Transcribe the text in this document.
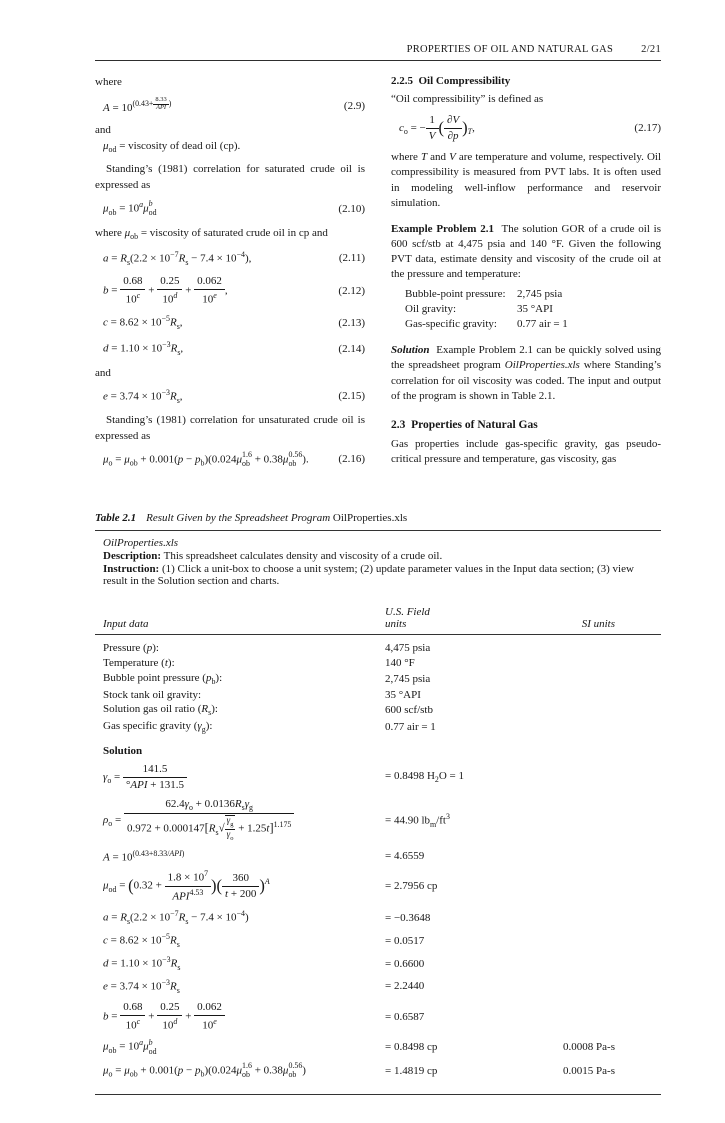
PROPERTIES OF OIL AND NATURAL GAS	2/21

where

$A = 10^{(0.43+ 8.33 API )}$	(2.9)

and

$\mu_{od}$ = viscosity of dead oil (cp).

Standing’s (1981) correlation for saturated crude oil is expressed as

$\mu_{ob} = 10^a\mu$ b
od	(2.10)

where $\mu_{ob}$ = viscosity of saturated crude oil in cp and

$a = R_s(2.2 \times 10^{-7}R_s - 7.4 \times 10^{-4})$,	(2.11)
$b = \frac{0.68}{10^c} + \frac{0.25}{10^d} + \frac{0.062}{10^e}$ ,	(2.12)
$c = 8.62 \times 10^{-5}R_s$,	(2.13)
$d = 1.10 \times 10^{-3}R_s$,	(2.14)

and

$e = 3.74 \times 10^{-3}R_s$,	(2.15)

Standing’s (1981) correlation for unsaturated crude oil is expressed as

$\mu_o = \mu_{ob} + 0.001(p - p_b)(0.024\mu$ 1.6
ob + 0.38μ 0.56
ob ).	(2.16)
2.2.5  Oil Compressibility

“Oil compressibility” is defined as

$c_o$ = − $\frac{1}{V}$ ( $\frac{\partial V}{\partial p} )_T$,	(2.17)

where T and V are temperature and volume, respectively. Oil compressibility is measured from PVT labs. It is often used in modeling well-inflow performance and reservoir simulation.

Example Problem 2.1 The solution GOR of a crude oil is 600 scf/stb at 4,475 psia and 140 °F. Given the following PVT data, estimate density and viscosity of the crude oil at the pressure and temperature:

Bubble-point pressure:	2,745 psia
Oil gravity:	35 °API
Gas-specific gravity:	0.77 air = 1

Solution Example Problem 2.1 can be quickly solved using the spreadsheet program OilProperties.xls where Standing’s correlation for oil viscosity was coded. The input and output of the program is shown in Table 2.1.

2.3  Properties of Natural Gas

Gas properties include gas-specific gravity, gas pseudo-critical pressure and temperature, gas viscosity, gas

Table 2.1 Result Given by the Spreadsheet Program OilProperties.xls

OilProperties.xls

Description: This spreadsheet calculates density and viscosity of a crude oil.

Instruction: (1) Click a unit-box to choose a unit system; (2) update parameter values in the Input data section; (3) view result in the Solution section and charts.

Input data
U.S. Field
units	SI units
Pressure (p):	4,475 psia
Temperature (t):	140 °F
Bubble point pressure $(p_b)$:	2,745 psia
Stock tank oil gravity:	35 °API
Solution gas oil ratio $(R_s)$:	600 scf/stb
Gas specific gravity $(\gamma_g)$:	0.77 air = 1

Solution

$\gamma_o = \frac{141.5}{\text{°API + 131.5}}$	= 0.8498 $H_2O = 1$
$\rho_o = \frac{62.4\gamma_o + 0.0136R_s\gamma_g}{0.972 + 0.000147[R_s√ \frac{\gamma_g}{\gamma_o} + 1.25t]^{1.175}}$	= 44.90 $lb_m/ft^3$
$A = 10^{(0.43+8.33/API)}$	= 4.6559
$\mu_{od} = (0.32 + \frac{1.8 \times 10^7}{API^{4.53}}$ )( $\frac{360}{t + 200} )^A$	= 2.7956 cp
$a = R_s(2.2 \times 10^{-7}R_s - 7.4 \times 10^{-4})$	= −0.3648
$c = 8.62 \times 10^{-5}R_s$	= 0.0517
$d = 1.10 \times 10^{-3}R_s$	= 0.6600
$e = 3.74 \times 10^{-3}R_s$	= 2.2440
$b = \frac{0.68}{10^c} + \frac{0.25}{10^d} + \frac{0.062}{10^e}$	= 0.6587
$\mu_{ob} = 10^a\mu$ b
od	= 0.8498 cp	0.0008 Pa-s
$\mu_o = \mu_{ob} + 0.001(p - p_b)(0.024\mu$ 1.6
ob + 0.38μ 0.56
ob )	= 1.4819 cp	0.0015 Pa-s
